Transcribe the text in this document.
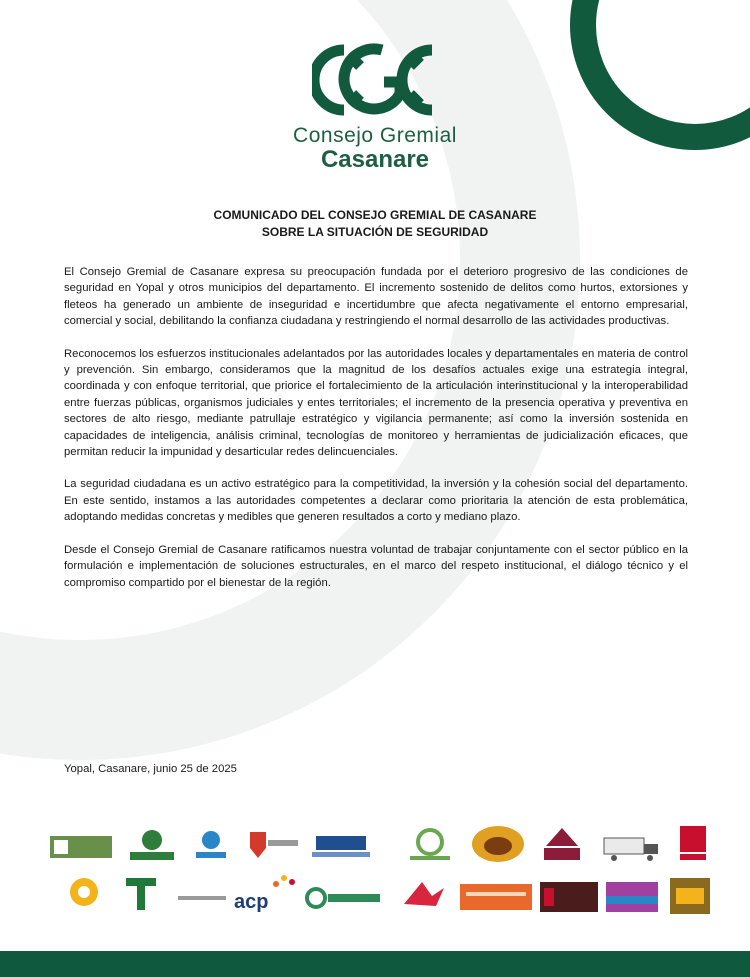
Consejo Gremial
Casanare
COMUNICADO DEL CONSEJO GREMIAL DE CASANARE
SOBRE LA SITUACIÓN DE SEGURIDAD

El Consejo Gremial de Casanare expresa su preocupación fundada por el deterioro progresivo de las condiciones de seguridad en Yopal y otros municipios del departamento. El incremento sostenido de delitos como hurtos, extorsiones y fleteos ha generado un ambiente de inseguridad e incertidumbre que afecta negativamente el entorno empresarial, comercial y social, debilitando la confianza ciudadana y restringiendo el normal desarrollo de las actividades productivas.

Reconocemos los esfuerzos institucionales adelantados por las autoridades locales y departamentales en materia de control y prevención. Sin embargo, consideramos que la magnitud de los desafíos actuales exige una estrategia integral, coordinada y con enfoque territorial, que priorice el fortalecimiento de la articulación interinstitucional y la interoperabilidad entre fuerzas públicas, organismos judiciales y entes territoriales; el incremento de la presencia operativa y preventiva en sectores de alto riesgo, mediante patrullaje estratégico y vigilancia permanente; así como la inversión sostenida en capacidades de inteligencia, análisis criminal, tecnologías de monitoreo y herramientas de judicialización eficaces, que permitan reducir la impunidad y desarticular redes delincuenciales.

La seguridad ciudadana es un activo estratégico para la competitividad, la inversión y la cohesión social del departamento. En este sentido, instamos a las autoridades competentes a declarar como prioritaria la atención de esta problemática, adoptando medidas concretas y medibles que generen resultados a corto y mediano plazo.

Desde el Consejo Gremial de Casanare ratificamos nuestra voluntad de trabajar conjuntamente con el sector público en la formulación e implementación de soluciones estructurales, en el marco del respeto institucional, el diálogo técnico y el compromiso compartido por el bienestar de la región.

Yopal, Casanare, junio 25 de 2025
acp
